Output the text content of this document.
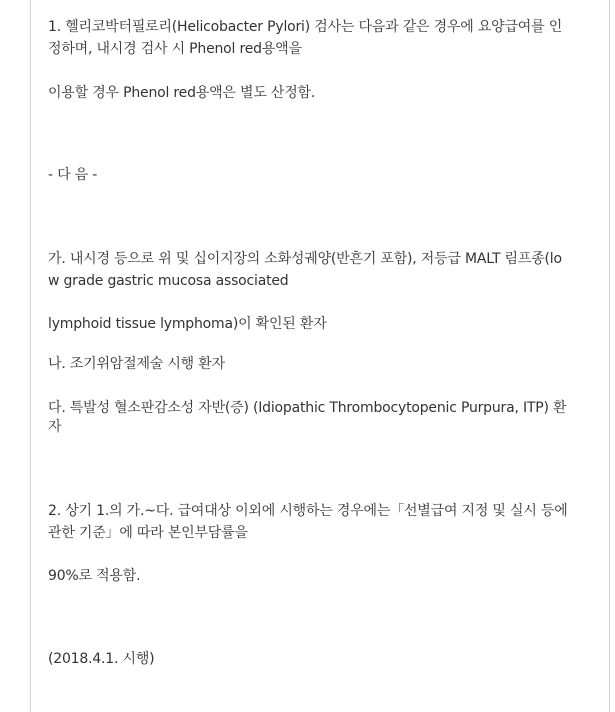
1. 헬리코박터필로리(Helicobacter Pylori) 검사는 다음과 같은 경우에 요양급여를 인
정하며, 내시경 검사 시 Phenol red용액을
이용할 경우 Phenol red용액은 별도 산정함.
- 다 음 -
가. 내시경 등으로 위 및 십이지장의 소화성궤양(반흔기 포함), 저등급 MALT 림프종(lo
w grade gastric mucosa associated
lymphoid tissue lymphoma)이 확인된 환자
나. 조기위암절제술 시행 환자
다. 특발성 혈소판감소성 자반(증) (Idiopathic Thrombocytopenic Purpura, ITP) 환
자
2. 상기 1.의 가.~다. 급여대상 이외에 시행하는 경우에는「선별급여 지정 및 실시 등에
관한 기준」에 따라 본인부담률을
90%로 적용함.
(2018.4.1. 시행)
